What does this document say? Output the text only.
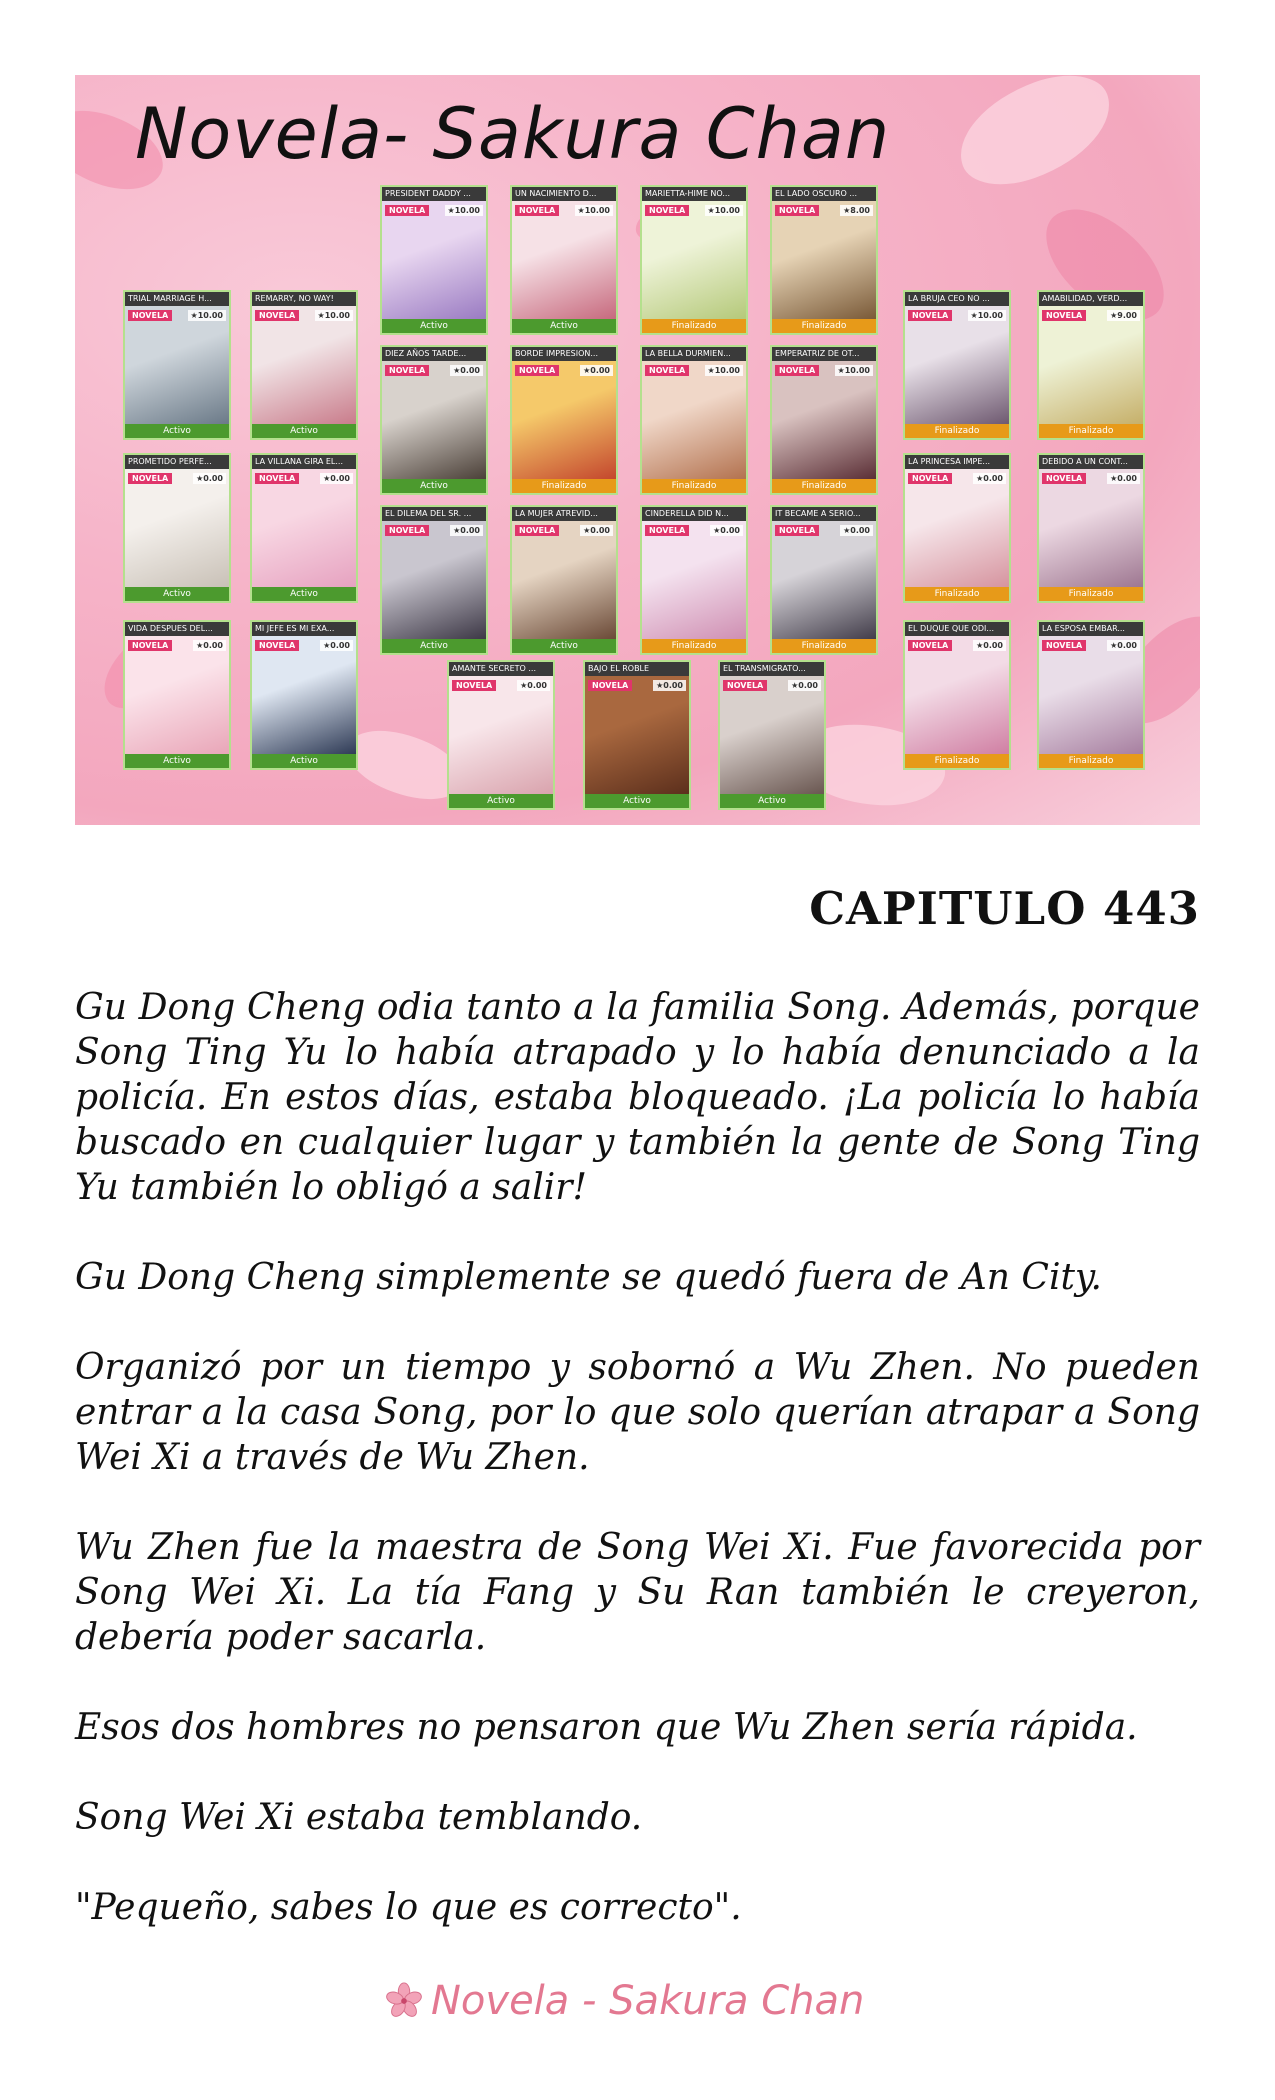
Novela- Sakura Chan
TRIAL MARRIAGE H...
NOVELA	★10.00
Activo
REMARRY, NO WAY!
NOVELA	★10.00
Activo
PROMETIDO PERFE...
NOVELA	★0.00
Activo
LA VILLANA GIRA EL...
NOVELA	★0.00
Activo
VIDA DESPUES DEL...
NOVELA	★0.00
Activo
MI JEFE ES MI EXA...
NOVELA	★0.00
Activo
PRESIDENT DADDY ...
NOVELA	★10.00
Activo
UN NACIMIENTO D...
NOVELA	★10.00
Activo
MARIETTA-HIME NO...
NOVELA	★10.00
Finalizado
EL LADO OSCURO ...
NOVELA	★8.00
Finalizado
DIEZ AÑOS TARDE...
NOVELA	★0.00
Activo
BORDE IMPRESION...
NOVELA	★0.00
Finalizado
LA BELLA DURMIEN...
NOVELA	★10.00
Finalizado
EMPERATRIZ DE OT...
NOVELA	★10.00
Finalizado
EL DILEMA DEL SR. ...
NOVELA	★0.00
Activo
LA MUJER ATREVID...
NOVELA	★0.00
Activo
CINDERELLA DID N...
NOVELA	★0.00
Finalizado
IT BECAME A SERIO...
NOVELA	★0.00
Finalizado
LA BRUJA CEO NO ...
NOVELA	★10.00
Finalizado
AMABILIDAD, VERD...
NOVELA	★9.00
Finalizado
LA PRINCESA IMPE...
NOVELA	★0.00
Finalizado
DEBIDO A UN CONT...
NOVELA	★0.00
Finalizado
EL DUQUE QUE ODI...
NOVELA	★0.00
Finalizado
LA ESPOSA EMBAR...
NOVELA	★0.00
Finalizado
AMANTE SECRETO ...
NOVELA	★0.00
Activo
BAJO EL ROBLE
NOVELA	★0.00
Activo
EL TRANSMIGRATO...
NOVELA	★0.00
Activo
CAPITULO 443

Gu Dong Cheng odia tanto a la familia Song. Además, porque Song Ting Yu lo había atrapado y lo había denunciado a la policía. En estos días, estaba bloqueado. ¡La policía lo había buscado en cualquier lugar y también la gente de Song Ting Yu también lo obligó a salir!

Gu Dong Cheng simplemente se quedó fuera de An City.

Organizó por un tiempo y sobornó a Wu Zhen. No pueden entrar a la casa Song, por lo que solo querían atrapar a Song Wei Xi a través de Wu Zhen.

Wu Zhen fue la maestra de Song Wei Xi. Fue favorecida por Song Wei Xi. La tía Fang y Su Ran también le creyeron, debería poder sacarla.

Esos dos hombres no pensaron que Wu Zhen sería rápida.

Song Wei Xi estaba temblando.

"Pequeño, sabes lo que es correcto".

Novela - Sakura Chan
